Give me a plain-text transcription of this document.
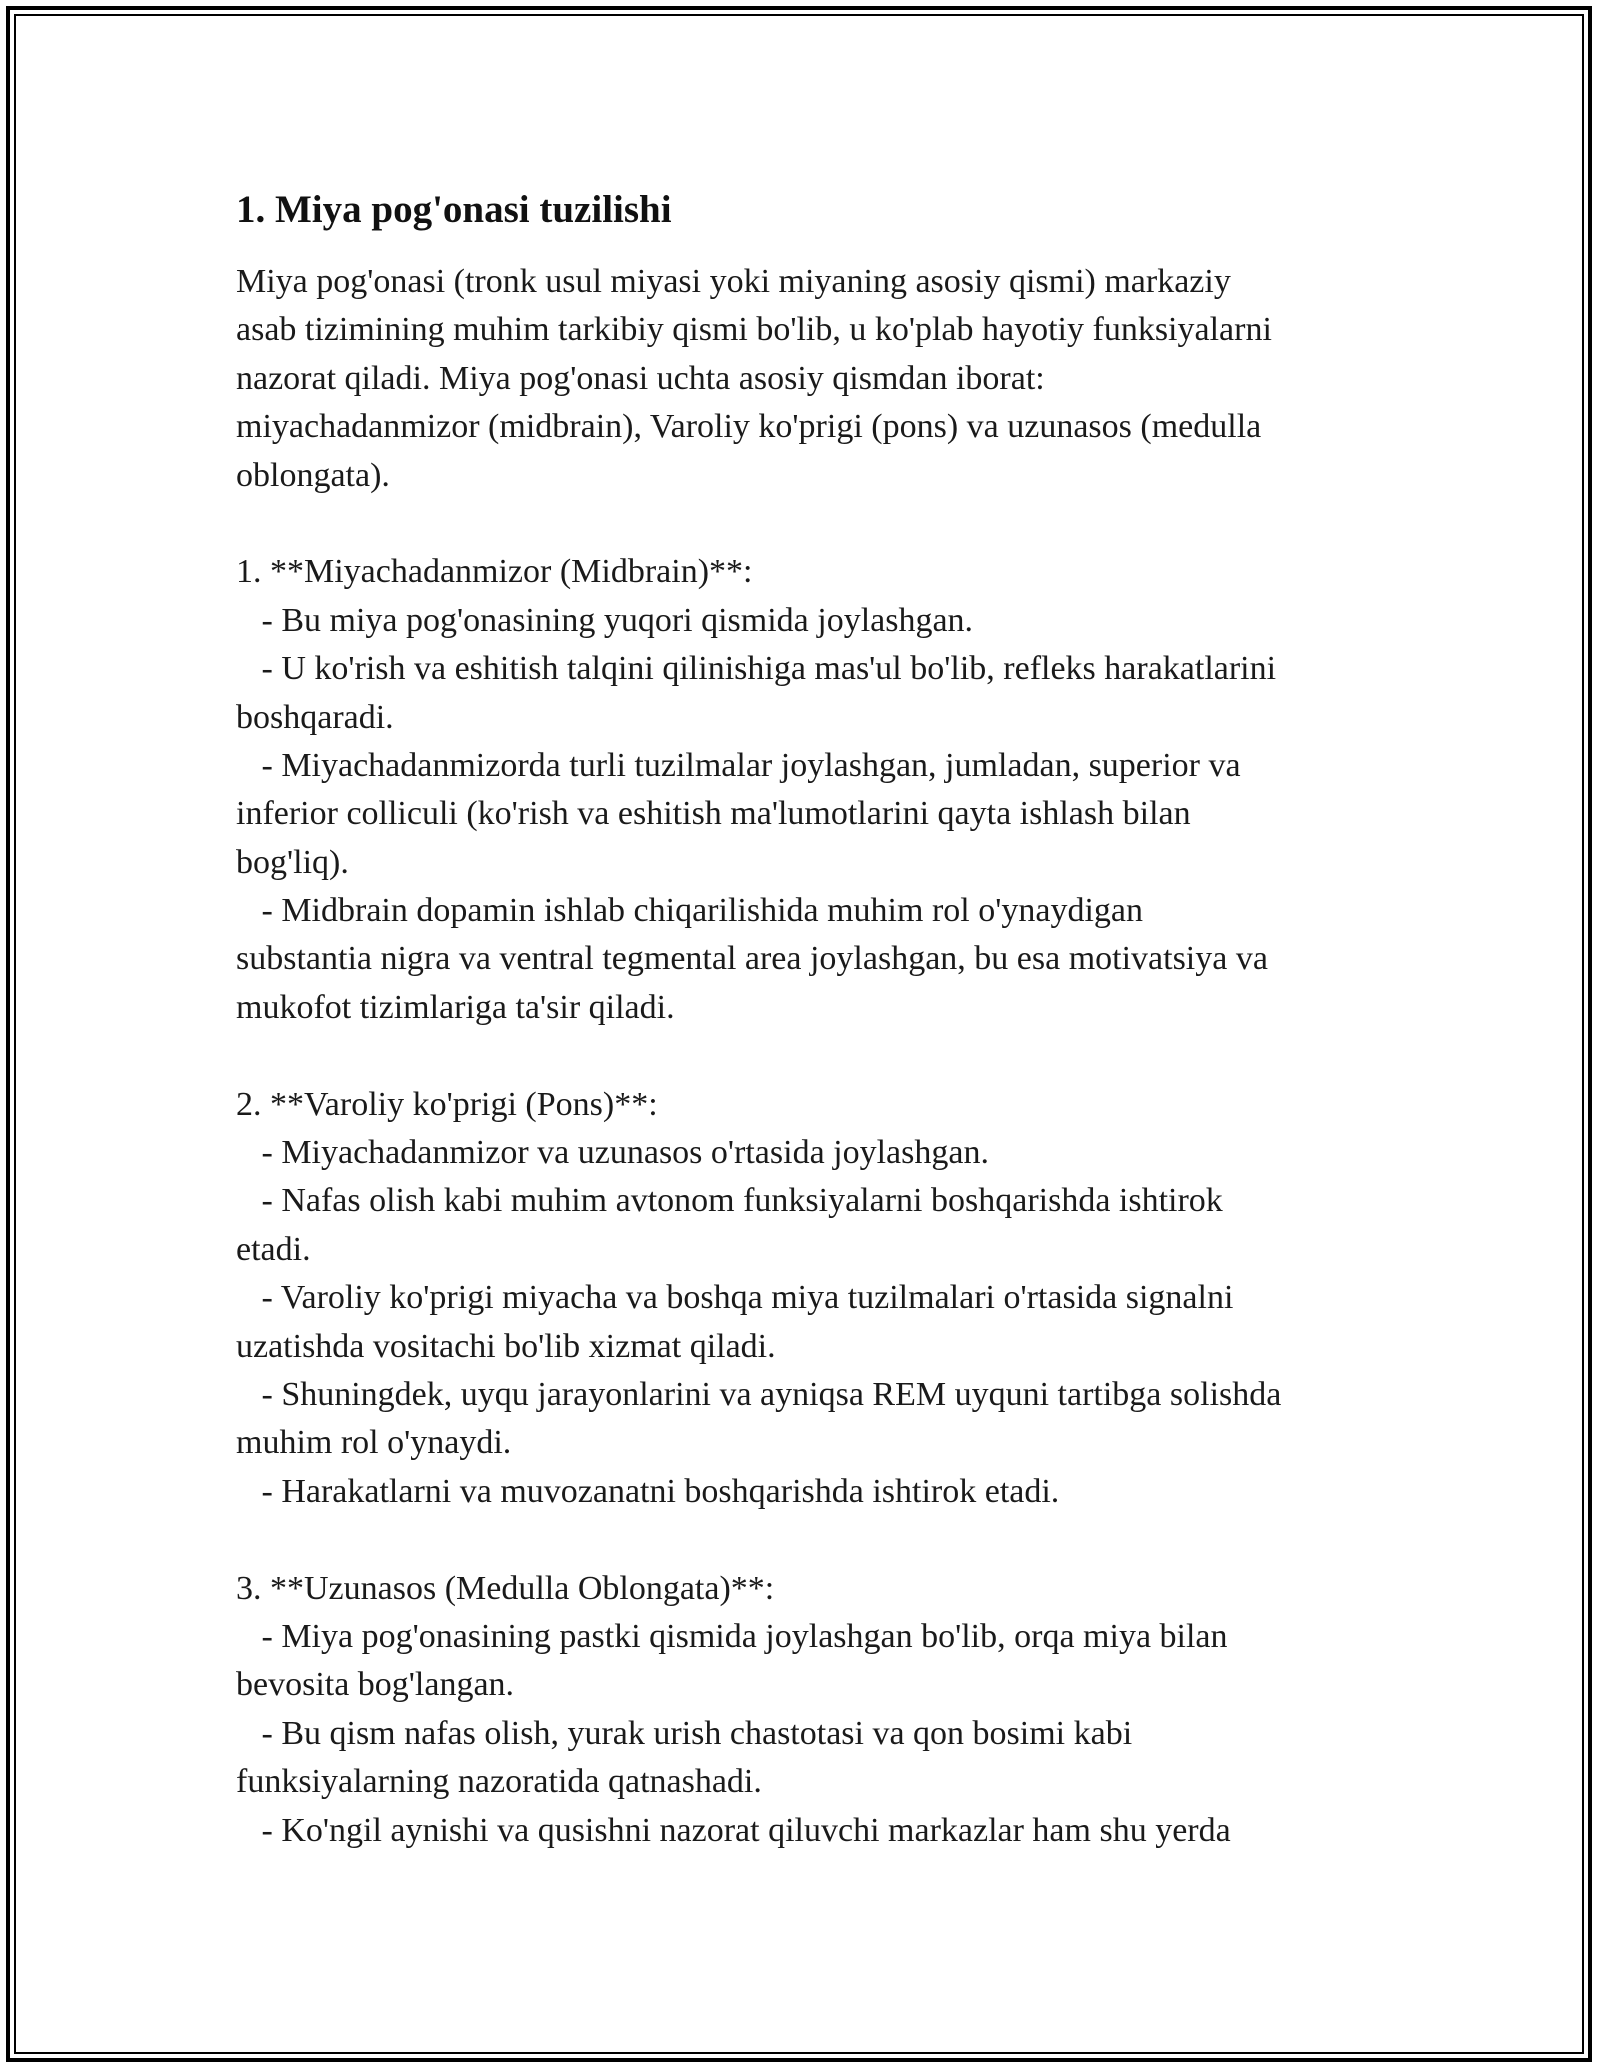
1. Miya pog'onasi tuzilishi
Miya pog'onasi (tronk usul miyasi yoki miyaning asosiy qismi) markaziy
asab tizimining muhim tarkibiy qismi bo'lib, u ko'plab hayotiy funksiyalarni
nazorat qiladi. Miya pog'onasi uchta asosiy qismdan iborat:
miyachadanmizor (midbrain), Varoliy ko'prigi (pons) va uzunasos (medulla
oblongata).
1. **Miyachadanmizor (Midbrain)**:
- Bu miya pog'onasining yuqori qismida joylashgan.
- U ko'rish va eshitish talqini qilinishiga mas'ul bo'lib, refleks harakatlarini
boshqaradi.
- Miyachadanmizorda turli tuzilmalar joylashgan, jumladan, superior va
inferior colliculi (ko'rish va eshitish ma'lumotlarini qayta ishlash bilan
bog'liq).
- Midbrain dopamin ishlab chiqarilishida muhim rol o'ynaydigan
substantia nigra va ventral tegmental area joylashgan, bu esa motivatsiya va
mukofot tizimlariga ta'sir qiladi.
2. **Varoliy ko'prigi (Pons)**:
- Miyachadanmizor va uzunasos o'rtasida joylashgan.
- Nafas olish kabi muhim avtonom funksiyalarni boshqarishda ishtirok
etadi.
- Varoliy ko'prigi miyacha va boshqa miya tuzilmalari o'rtasida signalni
uzatishda vositachi bo'lib xizmat qiladi.
- Shuningdek, uyqu jarayonlarini va ayniqsa REM uyquni tartibga solishda
muhim rol o'ynaydi.
- Harakatlarni va muvozanatni boshqarishda ishtirok etadi.
3. **Uzunasos (Medulla Oblongata)**:
- Miya pog'onasining pastki qismida joylashgan bo'lib, orqa miya bilan
bevosita bog'langan.
- Bu qism nafas olish, yurak urish chastotasi va qon bosimi kabi
funksiyalarning nazoratida qatnashadi.
- Ko'ngil aynishi va qusishni nazorat qiluvchi markazlar ham shu yerda
